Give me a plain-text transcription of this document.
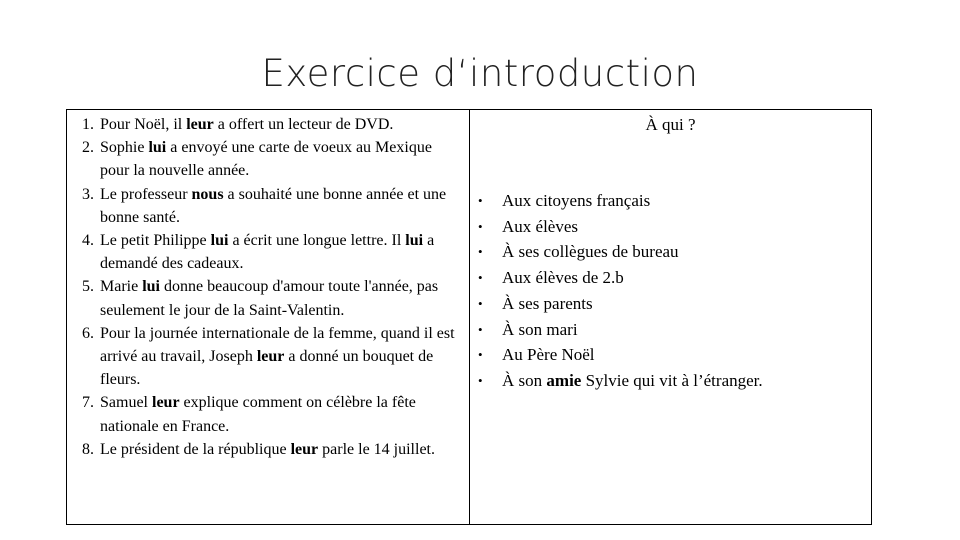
Exercice d‘introduction
1. Pour Noël, il leur a offert un lecteur de DVD.
2. Sophie lui a envoyé une carte de voeux au Mexique pour la nouvelle année.
3. Le professeur nous a souhaité une bonne année et une bonne santé.
4. Le petit Philippe lui a écrit une longue lettre. Il lui a demandé des cadeaux.
5. Marie lui donne beaucoup d'amour toute l'année, pas seulement le jour de la Saint-Valentin.
6. Pour la journée internationale de la femme, quand il est arrivé au travail, Joseph leur a donné un bouquet de fleurs.
7. Samuel leur explique comment on célèbre la fête nationale en France.
8. Le président de la république leur parle le 14 juillet.
À qui ?
• Aux citoyens français
• Aux élèves
• À ses collègues de bureau
• Aux élèves de 2.b
• À ses parents
• À son mari
• Au Père Noël
• À son amie Sylvie qui vit à l’étranger.
